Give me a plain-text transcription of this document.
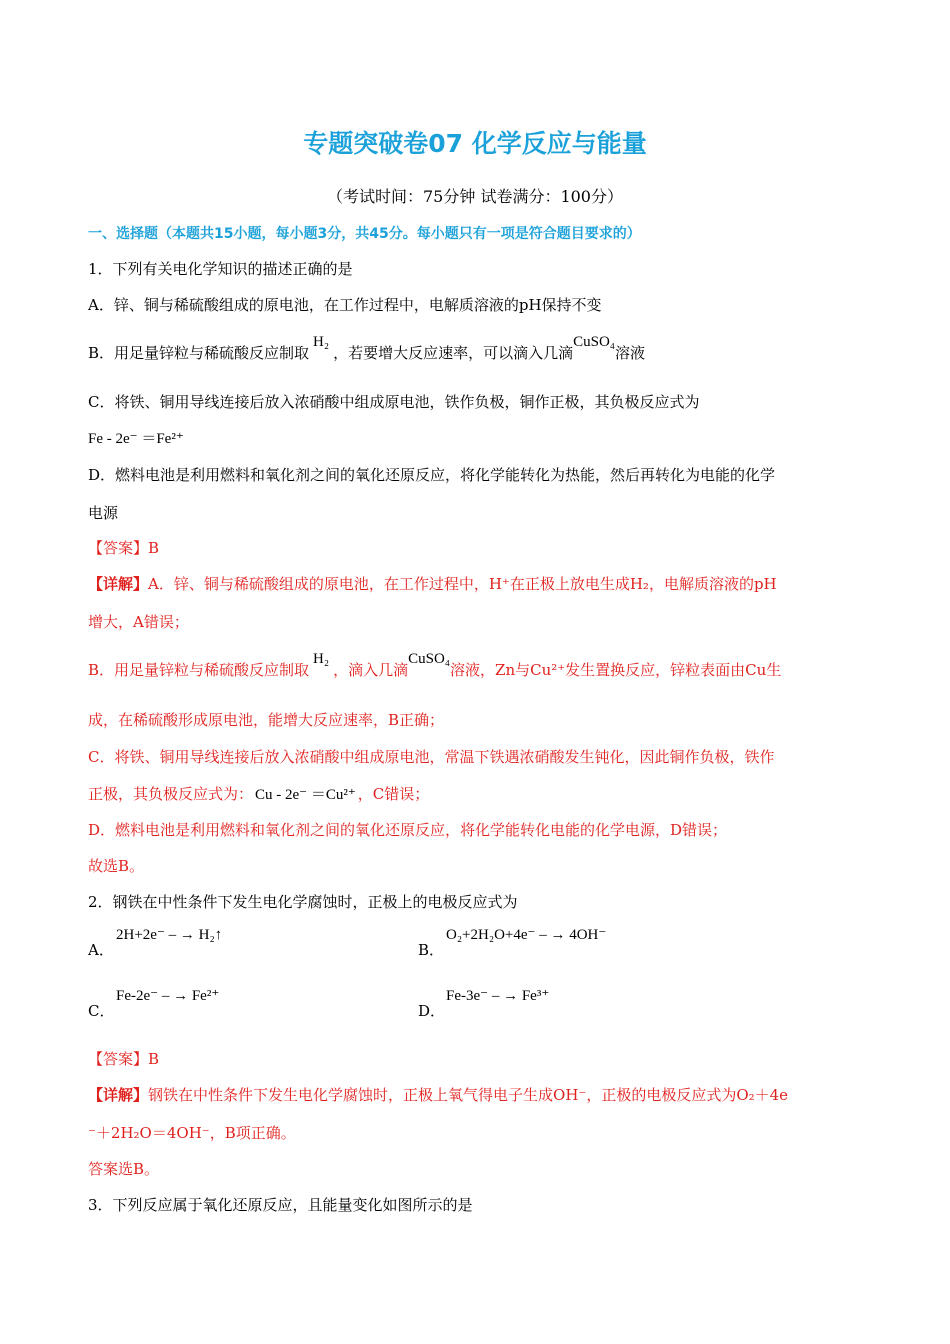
专题突破卷07 化学反应与能量
（考试时间：75分钟 试卷满分：100分）
一、选择题（本题共15小题，每小题3分，共45分。每小题只有一项是符合题目要求的）
1．下列有关电化学知识的描述正确的是
A．锌、铜与稀硫酸组成的原电池，在工作过程中，电解质溶液的pH保持不变
B．用足量锌粒与稀硫酸反应制取H₂，若要增大反应速率，可以滴入几滴CuSO₄溶液
C．将铁、铜用导线连接后放入浓硝酸中组成原电池，铁作负极，铜作正极，其负极反应式为
Fe - 2e⁻ ＝Fe²⁺
D．燃料电池是利用燃料和氧化剂之间的氧化还原反应，将化学能转化为热能，然后再转化为电能的化学
电源
【答案】B
【详解】A．锌、铜与稀硫酸组成的原电池，在工作过程中，H⁺在正极上放电生成H₂，电解质溶液的pH
增大，A错误；
B．用足量锌粒与稀硫酸反应制取H₂，滴入几滴CuSO₄溶液，Zn与Cu²⁺发生置换反应，锌粒表面由Cu生
成，在稀硫酸形成原电池，能增大反应速率，B正确；
C．将铁、铜用导线连接后放入浓硝酸中组成原电池，常温下铁遇浓硝酸发生钝化，因此铜作负极，铁作
正极，其负极反应式为： Cu - 2e⁻ ＝Cu²⁺ ，C错误；
D．燃料电池是利用燃料和氧化剂之间的氧化还原反应，将化学能转化电能的化学电源，D错误；
故选B。
2．钢铁在中性条件下发生电化学腐蚀时，正极上的电极反应式为
A．
2H+2e⁻ – → H₂↑
B．
O₂+2H₂O+4e⁻ – → 4OH⁻
C．
Fe-2e⁻ – → Fe²⁺
D．
Fe-3e⁻ – → Fe³⁺
【答案】B
【详解】钢铁在中性条件下发生电化学腐蚀时，正极上氧气得电子生成OH⁻，正极的电极反应式为O₂＋4e
⁻＋2H₂O＝4OH⁻，B项正确。
答案选B。
3．下列反应属于氧化还原反应，且能量变化如图所示的是
